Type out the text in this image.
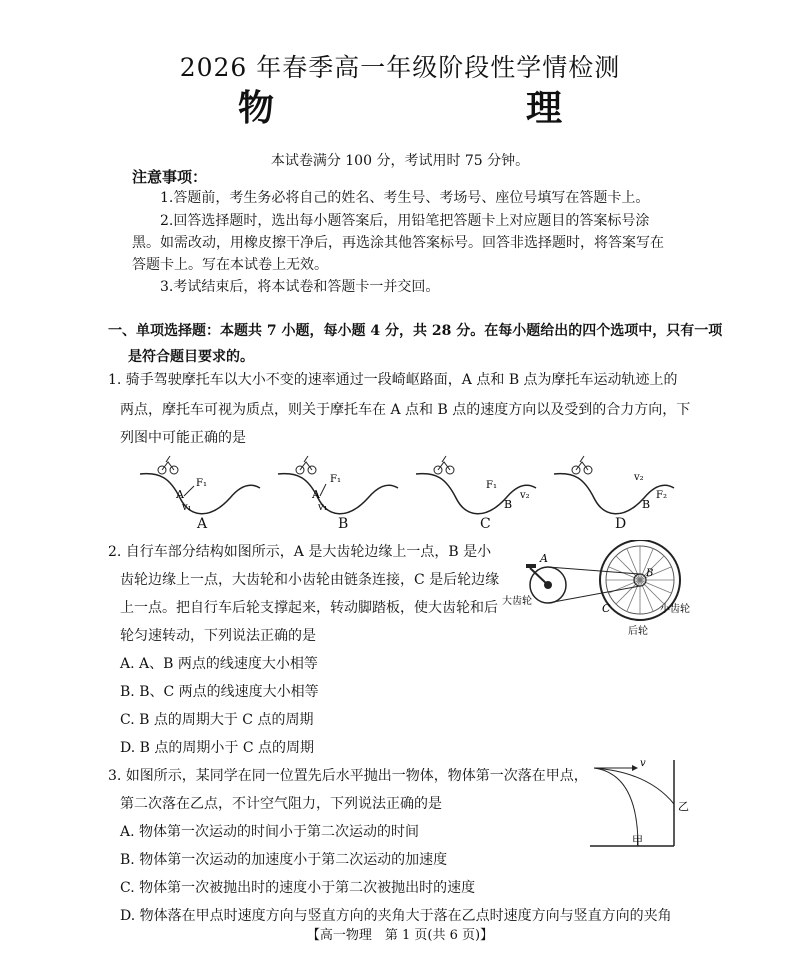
2026 年春季高一年级阶段性学情检测
物　　理
本试卷满分 100 分，考试用时 75 分钟。
注意事项：
1.答题前，考生务必将自己的姓名、考生号、考场号、座位号填写在答题卡上。
2.回答选择题时，选出每小题答案后，用铅笔把答题卡上对应题目的答案标号涂
黑。如需改动，用橡皮擦干净后，再选涂其他答案标号。回答非选择题时，将答案写在
答题卡上。写在本试卷上无效。
3.考试结束后，将本试卷和答题卡一并交回。
一、单项选择题：本题共 7 小题，每小题 4 分，共 28 分。在每小题给出的四个选项中，只有一项
是符合题目要求的。
1. 骑手驾驶摩托车以大小不变的速率通过一段崎岖路面，A 点和 B 点为摩托车运动轨迹上的
两点，摩托车可视为质点，则关于摩托车在 A 点和 B 点的速度方向以及受到的合力方向，下
列图中可能正确的是
A
F₁
v₁
A
F₁
v₁
F₁
B
v₂
v₂
B
F₂
A	B	C	D
2. 自行车部分结构如图所示，A 是大齿轮边缘上一点，B 是小
齿轮边缘上一点，大齿轮和小齿轮由链条连接，C 是后轮边缘
上一点。把自行车后轮支撑起来，转动脚踏板，使大齿轮和后
轮匀速转动，下列说法正确的是
A. A、B 两点的线速度大小相等
B. B、C 两点的线速度大小相等
C. B 点的周期大于 C 点的周期
D. B 点的周期小于 C 点的周期
A
B
C
大齿轮
小齿轮
后轮
3. 如图所示，某同学在同一位置先后水平抛出一物体，物体第一次落在甲点，
第二次落在乙点，不计空气阻力，下列说法正确的是
A. 物体第一次运动的时间小于第二次运动的时间
B. 物体第一次运动的加速度小于第二次运动的加速度
C. 物体第一次被抛出时的速度小于第二次被抛出时的速度
D. 物体落在甲点时速度方向与竖直方向的夹角大于落在乙点时速度方向与竖直方向的夹角
v
甲
乙
【高一物理　第 1 页(共 6 页)】
